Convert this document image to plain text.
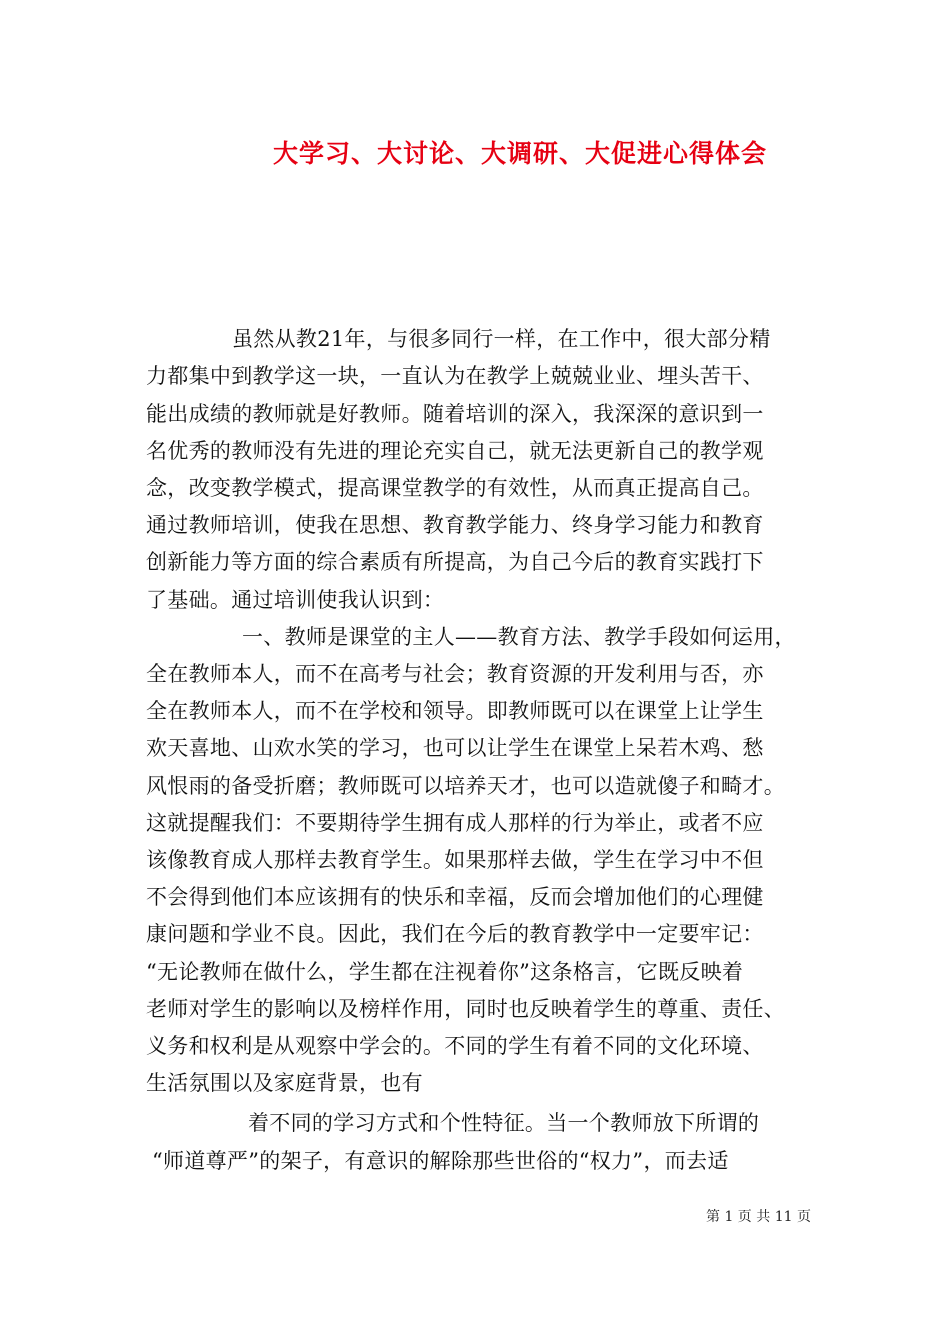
大学习、大讨论、大调研、大促进心得体会
虽然从教21年，与很多同行一样，在工作中，很大部分精
力都集中到教学这一块，一直认为在教学上兢兢业业、埋头苦干、
能出成绩的教师就是好教师。随着培训的深入，我深深的意识到一
名优秀的教师没有先进的理论充实自己，就无法更新自己的教学观
念，改变教学模式，提高课堂教学的有效性，从而真正提高自己。
通过教师培训，使我在思想、教育教学能力、终身学习能力和教育
创新能力等方面的综合素质有所提高，为自己今后的教育实践打下
了基础。通过培训使我认识到：
一、教师是课堂的主人——教育方法、教学手段如何运用，
全在教师本人，而不在高考与社会；教育资源的开发利用与否，亦
全在教师本人，而不在学校和领导。即教师既可以在课堂上让学生
欢天喜地、山欢水笑的学习，也可以让学生在课堂上呆若木鸡、愁
风恨雨的备受折磨；教师既可以培养天才，也可以造就傻子和畸才。
这就提醒我们：不要期待学生拥有成人那样的行为举止，或者不应
该像教育成人那样去教育学生。如果那样去做，学生在学习中不但
不会得到他们本应该拥有的快乐和幸福，反而会增加他们的心理健
康问题和学业不良。因此，我们在今后的教育教学中一定要牢记：
“无论教师在做什么，学生都在注视着你”这条格言，它既反映着
老师对学生的影响以及榜样作用，同时也反映着学生的尊重、责任、
义务和权利是从观察中学会的。不同的学生有着不同的文化环境、
生活氛围以及家庭背景，也有
着不同的学习方式和个性特征。当一个教师放下所谓的
“师道尊严”的架子，有意识的解除那些世俗的“权力”，而去适
第 1 页 共 11 页
